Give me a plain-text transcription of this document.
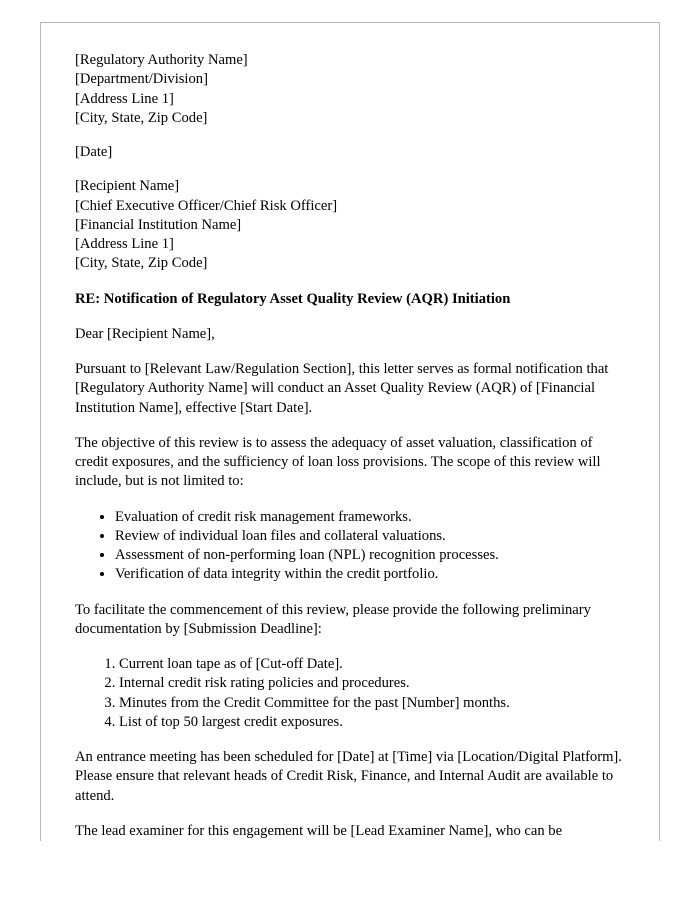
[Regulatory Authority Name]
[Department/Division]
[Address Line 1]
[City, State, Zip Code]
[Date]
[Recipient Name]
[Chief Executive Officer/Chief Risk Officer]
[Financial Institution Name]
[Address Line 1]
[City, State, Zip Code]

RE: Notification of Regulatory Asset Quality Review (AQR) Initiation

Dear [Recipient Name],

Pursuant to [Relevant Law/Regulation Section], this letter serves as formal notification that [Regulatory Authority Name] will conduct an Asset Quality Review (AQR) of [Financial Institution Name], effective [Start Date].

The objective of this review is to assess the adequacy of asset valuation, classification of credit exposures, and the sufficiency of loan loss provisions. The scope of this review will include, but is not limited to:

• Evaluation of credit risk management frameworks.
• Review of individual loan files and collateral valuations.
• Assessment of non-performing loan (NPL) recognition processes.
• Verification of data integrity within the credit portfolio.

To facilitate the commencement of this review, please provide the following preliminary documentation by [Submission Deadline]:

1. Current loan tape as of [Cut-off Date].
2. Internal credit risk rating policies and procedures.
3. Minutes from the Credit Committee for the past [Number] months.
4. List of top 50 largest credit exposures.

An entrance meeting has been scheduled for [Date] at [Time] via [Location/Digital Platform]. Please ensure that relevant heads of Credit Risk, Finance, and Internal Audit are available to attend.

The lead examiner for this engagement will be [Lead Examiner Name], who can be
